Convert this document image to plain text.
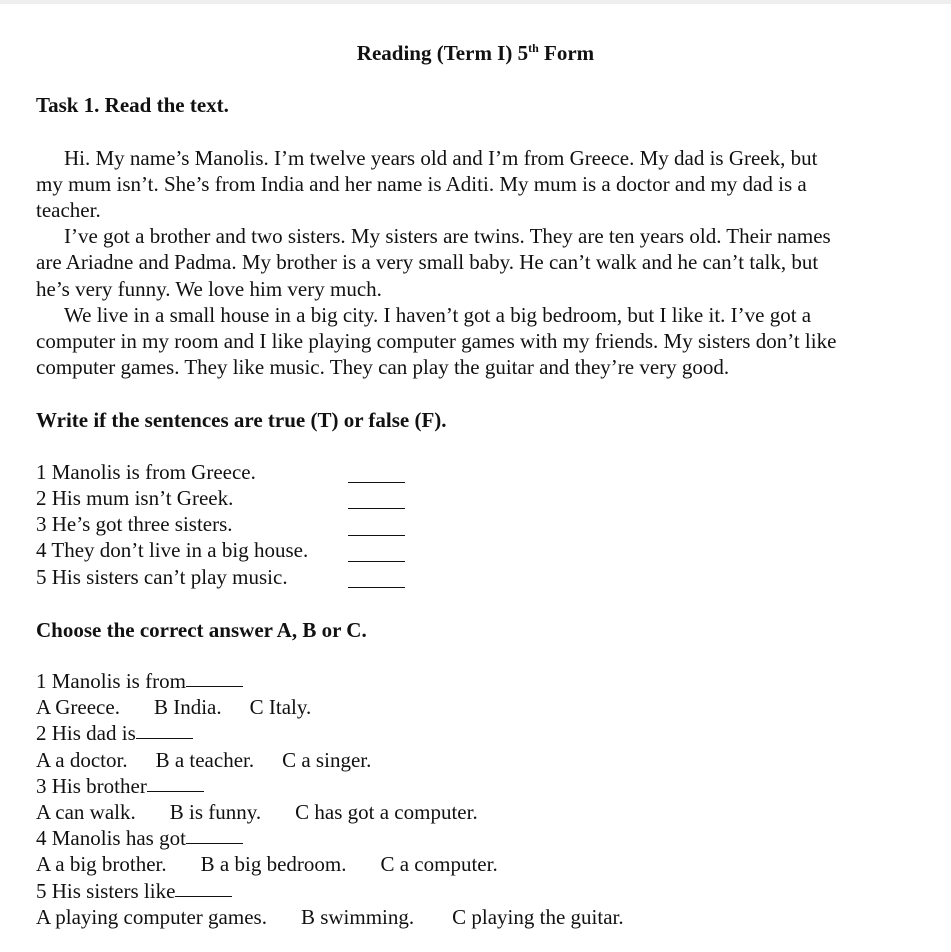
Reading (Term I) 5th Form
Task 1. Read the text.
Hi. My name’s Manolis. I’m twelve years old and I’m from Greece. My dad is Greek, but
my mum isn’t. She’s from India and her name is Aditi. My mum is a doctor and my dad is a
teacher.
I’ve got a brother and two sisters. My sisters are twins. They are ten years old. Their names
are Ariadne and Padma. My brother is a very small baby. He can’t walk and he can’t talk, but
he’s very funny. We love him very much.
We live in a small house in a big city. I haven’t got a big bedroom, but I like it. I’ve got a
computer in my room and I like playing computer games with my friends. My sisters don’t like
computer games. They like music. They can play the guitar and they’re very good.
Write if the sentences are true (T) or false (F).
1 Manolis is from Greece.
2 His mum isn’t Greek.
3 He’s got three sisters.
4 They don’t live in a big house.
5 His sisters can’t play music.
Choose the correct answer A, B or C.
1 Manolis is from
A Greece. B India. C Italy.
2 His dad is
A a doctor. B a teacher. C a singer.
3 His brother
A can walk. B is funny. C has got a computer.
4 Manolis has got
A a big brother. B a big bedroom. C a computer.
5 His sisters like
A playing computer games. B swimming. C playing the guitar.
